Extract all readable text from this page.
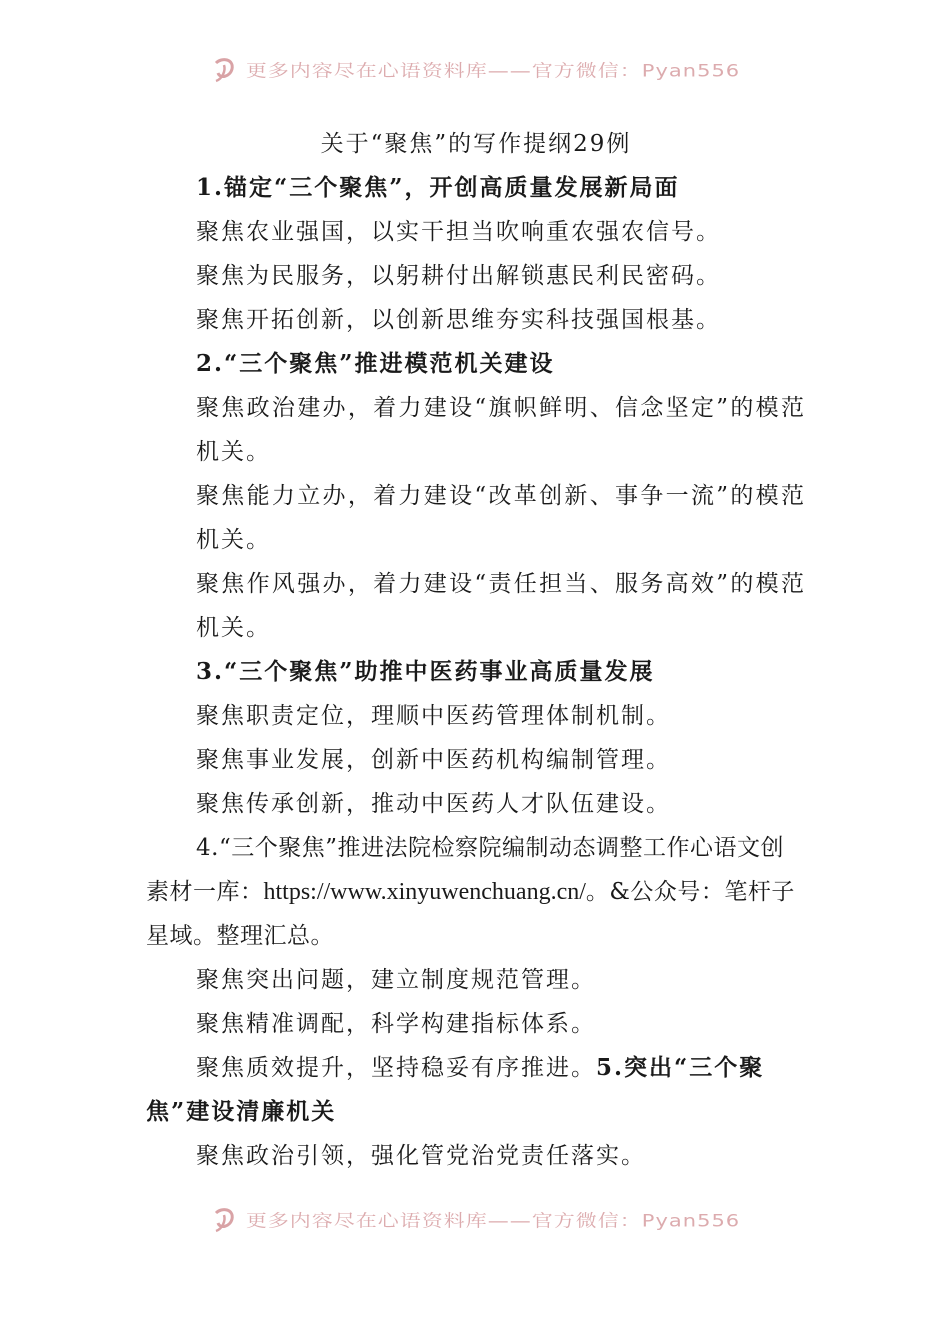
更多内容尽在心语资料库——官方微信：Pyan556
关于“聚焦”的写作提纲29例
1.锚定“三个聚焦”，开创高质量发展新局面
聚焦农业强国，以实干担当吹响重农强农信号。
聚焦为民服务，以躬耕付出解锁惠民利民密码。
聚焦开拓创新，以创新思维夯实科技强国根基。
2.“三个聚焦”推进模范机关建设
聚焦政治建办，着力建设“旗帜鲜明、信念坚定”的模范机关。
聚焦能力立办，着力建设“改革创新、事争一流”的模范机关。
聚焦作风强办，着力建设“责任担当、服务高效”的模范机关。
3.“三个聚焦”助推中医药事业高质量发展
聚焦职责定位，理顺中医药管理体制机制。
聚焦事业发展，创新中医药机构编制管理。
聚焦传承创新，推动中医药人才队伍建设。
4.“三个聚焦”推进法院检察院编制动态调整工作心语文创素材一库：https://www.xinyuwenchuang.cn/。&公众号：笔杆子星域。整理汇总。
聚焦突出问题，建立制度规范管理。
聚焦精准调配，科学构建指标体系。
聚焦质效提升，坚持稳妥有序推进。5.突出“三个聚焦”建设清廉机关
聚焦政治引领，强化管党治党责任落实。
更多内容尽在心语资料库——官方微信：Pyan556
